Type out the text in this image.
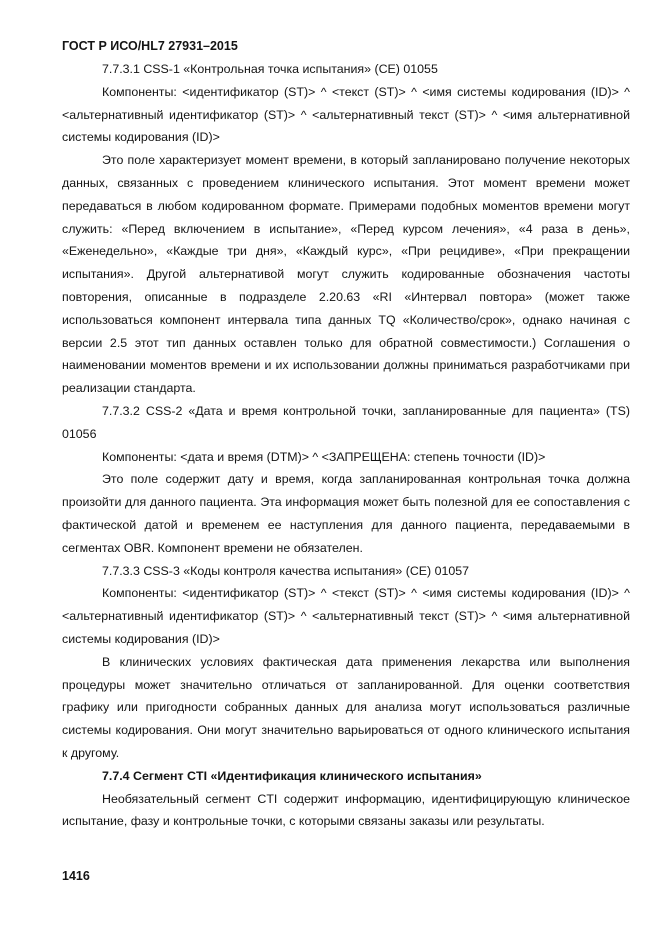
ГОСТ Р ИСО/HL7 27931–2015

7.7.3.1 CSS-1 «Контрольная точка испытания» (CE) 01055

Компоненты: <идентификатор (ST)> ^ <текст (ST)> ^ <имя системы кодирования (ID)> ^ <альтернативный идентификатор (ST)> ^ <альтернативный текст (ST)> ^ <имя альтернативной системы кодирования (ID)>

Это поле характеризует момент времени, в который запланировано получение некоторых данных, связанных с проведением клинического испытания. Этот момент времени может передаваться в любом кодированном формате. Примерами подобных моментов времени могут служить: «Перед включением в испытание», «Перед курсом лечения», «4 раза в день», «Еженедельно», «Каждые три дня», «Каждый курс», «При рецидиве», «При прекращении испытания». Другой альтернативой могут служить кодированные обозначения частоты повторения, описанные в подразделе 2.20.63 «RI «Интервал повтора» (может также использоваться компонент интервала типа данных TQ «Количество/срок», однако начиная с версии 2.5 этот тип данных оставлен только для обратной совместимости.) Соглашения о наименовании моментов времени и их использовании должны приниматься разработчиками при реализации стандарта.

7.7.3.2 CSS-2 «Дата и время контрольной точки, запланированные для пациента» (TS) 01056

Компоненты: <дата и время (DTM)> ^ <ЗАПРЕЩЕНА: степень точности (ID)>

Это поле содержит дату и время, когда запланированная контрольная точка должна произойти для данного пациента. Эта информация может быть полезной для ее сопоставления с фактической датой и временем ее наступления для данного пациента, передаваемыми в сегментах OBR. Компонент времени не обязателен.

7.7.3.3 CSS-3 «Коды контроля качества испытания» (CE) 01057

Компоненты: <идентификатор (ST)> ^ <текст (ST)> ^ <имя системы кодирования (ID)> ^ <альтернативный идентификатор (ST)> ^ <альтернативный текст (ST)> ^ <имя альтернативной системы кодирования (ID)>

В клинических условиях фактическая дата применения лекарства или выполнения процедуры может значительно отличаться от запланированной. Для оценки соответствия графику или пригодности собранных данных для анализа могут использоваться различные системы кодирования. Они могут значительно варьироваться от одного клинического испытания к другому.

7.7.4 Сегмент CTI «Идентификация клинического испытания»

Необязательный сегмент CTI содержит информацию, идентифицирующую клиническое испытание, фазу и контрольные точки, с которыми связаны заказы или результаты.

1416
